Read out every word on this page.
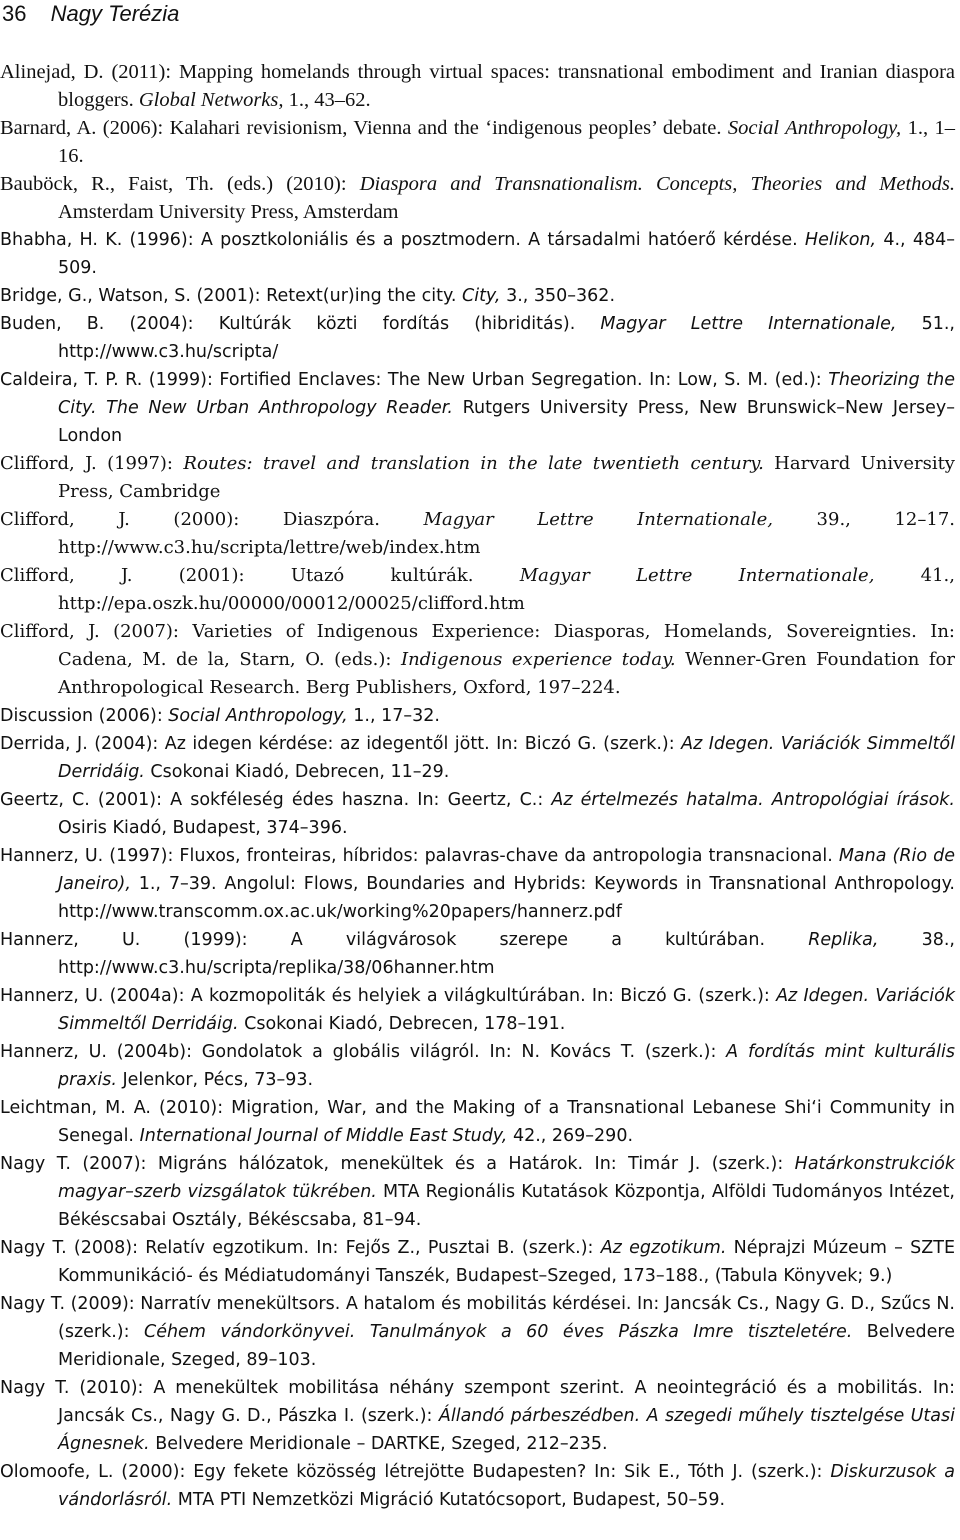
36 Nagy Terézia
Alinejad, D. (2011): Mapping homelands through virtual spaces: transnational embodiment and Iranian diaspora bloggers. Global Networks, 1., 43–62.
Barnard, A. (2006): Kalahari revisionism, Vienna and the ‘indigenous peoples’ debate. Social Anthropology, 1., 1–16.
Bauböck, R., Faist, Th. (eds.) (2010): Diaspora and Transnationalism. Concepts, Theories and Methods. Amsterdam University Press, Amsterdam
Bhabha, H. K. (1996): A posztkoloniális és a posztmodern. A társadalmi hatóerő kérdése. Helikon, 4., 484–509.
Bridge, G., Watson, S. (2001): Retext(ur)ing the city. City, 3., 350–362.
Buden, B. (2004): Kultúrák közti fordítás (hibriditás). Magyar Lettre Internationale, 51., http://www.c3.hu/scripta/
Caldeira, T. P. R. (1999): Fortified Enclaves: The New Urban Segregation. In: Low, S. M. (ed.): Theorizing the City. The New Urban Anthropology Reader. Rutgers University Press, New Brunswick–New Jersey–London
Clifford, J. (1997): Routes: travel and translation in the late twentieth century. Harvard University Press, Cambridge
Clifford, J. (2000): Diaszpóra. Magyar Lettre Internationale, 39., 12–17. http://www.c3.hu/scripta/lettre/web/index.htm
Clifford, J. (2001): Utazó kultúrák. Magyar Lettre Internationale, 41., http://epa.oszk.hu/00000/00012/00025/clifford.htm
Clifford, J. (2007): Varieties of Indigenous Experience: Diasporas, Homelands, Sovereignties. In: Cadena, M. de la, Starn, O. (eds.): Indigenous experience today. Wenner-Gren Foundation for Anthropological Research. Berg Publishers, Oxford, 197–224.
Discussion (2006): Social Anthropology, 1., 17–32.
Derrida, J. (2004): Az idegen kérdése: az idegentől jött. In: Biczó G. (szerk.): Az Idegen. Variációk Simmeltől Derridáig. Csokonai Kiadó, Debrecen, 11–29.
Geertz, C. (2001): A sokféleség édes haszna. In: Geertz, C.: Az értelmezés hatalma. Antropológiai írások. Osiris Kiadó, Budapest, 374–396.
Hannerz, U. (1997): Fluxos, fronteiras, híbridos: palavras-chave da antropologia transnacional. Mana (Rio de Janeiro), 1., 7–39. Angolul: Flows, Boundaries and Hybrids: Keywords in Transnational Anthropology. http://www.transcomm.ox.ac.uk/working%20papers/hannerz.pdf
Hannerz, U. (1999): A világvárosok szerepe a kultúrában. Replika, 38., http://www.c3.hu/scripta/replika/38/06hanner.htm
Hannerz, U. (2004a): A kozmopoliták és helyiek a világkultúrában. In: Biczó G. (szerk.): Az Idegen. Variációk Simmeltől Derridáig. Csokonai Kiadó, Debrecen, 178–191.
Hannerz, U. (2004b): Gondolatok a globális világról. In: N. Kovács T. (szerk.): A fordítás mint kulturális praxis. Jelenkor, Pécs, 73–93.
Leichtman, M. A. (2010): Migration, War, and the Making of a Transnational Lebanese Shi‘i Community in Senegal. International Journal of Middle East Study, 42., 269–290.
Nagy T. (2007): Migráns hálózatok, menekültek és a Határok. In: Timár J. (szerk.): Határkonstrukciók magyar–szerb vizsgálatok tükrében. MTA Regionális Kutatások Központja, Alföldi Tudományos Intézet, Békéscsabai Osztály, Békéscsaba, 81–94.
Nagy T. (2008): Relatív egzotikum. In: Fejős Z., Pusztai B. (szerk.): Az egzotikum. Néprajzi Múzeum – SZTE Kommunikáció- és Médiatudományi Tanszék, Budapest–Szeged, 173–188., (Tabula Könyvek; 9.)
Nagy T. (2009): Narratív menekültsors. A hatalom és mobilitás kérdései. In: Jancsák Cs., Nagy G. D., Szűcs N. (szerk.): Céhem vándorkönyvei. Tanulmányok a 60 éves Pászka Imre tiszteletére. Belvedere Meridionale, Szeged, 89–103.
Nagy T. (2010): A menekültek mobilitása néhány szempont szerint. A neointegráció és a mobilitás. In: Jancsák Cs., Nagy G. D., Pászka I. (szerk.): Állandó párbeszédben. A szegedi műhely tisztelgése Utasi Ágnesnek. Belvedere Meridionale – DARTKE, Szeged, 212–235.
Olomoofe, L. (2000): Egy fekete közösség létrejötte Budapesten? In: Sik E., Tóth J. (szerk.): Diskurzusok a vándorlásról. MTA PTI Nemzetközi Migráció Kutatócsoport, Budapest, 50–59.
